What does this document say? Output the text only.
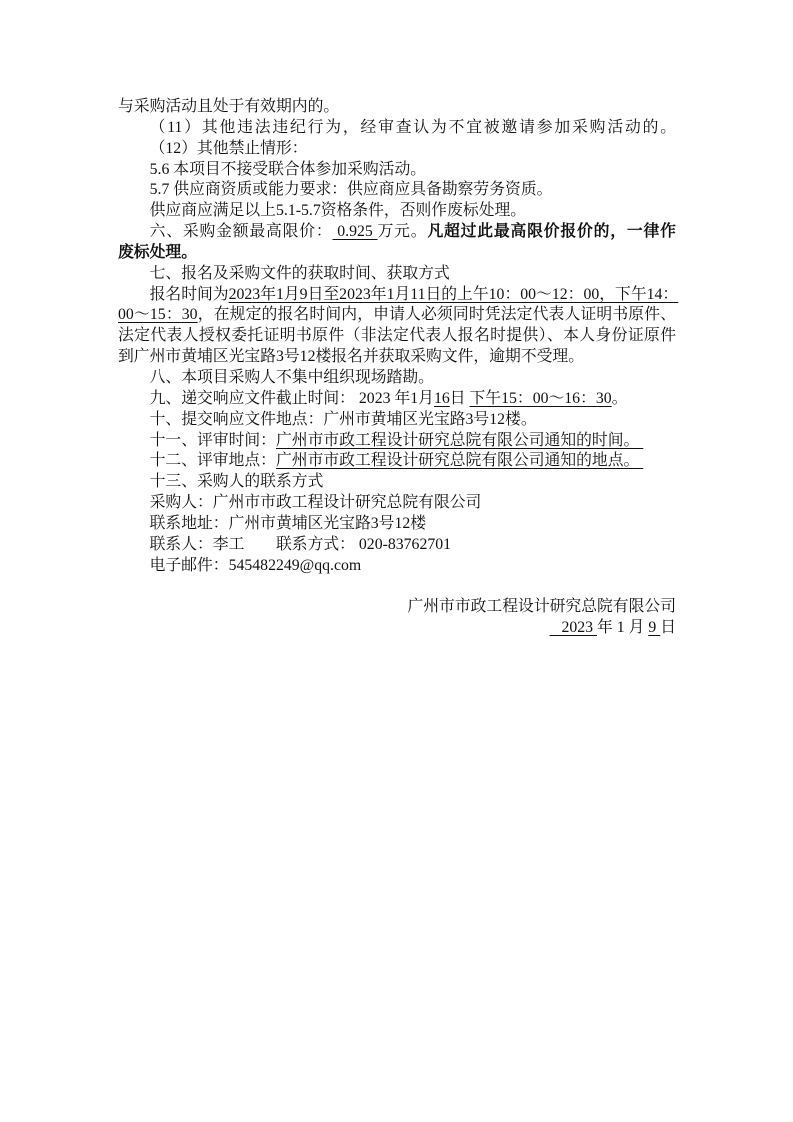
与采购活动且处于有效期内的。
（11）其他违法违纪行为，经审查认为不宜被邀请参加采购活动的。
（12）其他禁止情形：
5.6 本项目不接受联合体参加采购活动。
5.7 供应商资质或能力要求：供应商应具备勘察劳务资质。
供应商应满足以上5.1-5.7资格条件，否则作废标处理。
六、采购金额最高限价： 0.925 万元。凡超过此最高限价报价的，一律作
废标处理。
七、报名及采购文件的获取时间、获取方式
报名时间为2023年1月9日至2023年1月11日的上午10：00～12：00，下午14：
00～15：30，在规定的报名时间内，申请人必须同时凭法定代表人证明书原件、
法定代表人授权委托证明书原件（非法定代表人报名时提供）、本人身份证原件
到广州市黄埔区光宝路3号12楼报名并获取采购文件，逾期不受理。
八、本项目采购人不集中组织现场踏勘。
九、递交响应文件截止时间： 2023 年1月16日 下午15：00～16：30。
十、提交响应文件地点：广州市黄埔区光宝路3号12楼。
十一、评审时间：广州市市政工程设计研究总院有限公司通知的时间。
十二、评审地点：广州市市政工程设计研究总院有限公司通知的地点。
十三、采购人的联系方式
采购人：广州市市政工程设计研究总院有限公司
联系地址：广州市黄埔区光宝路3号12楼
联系人：李工　　联系方式： 020-83762701
电子邮件：545482249@qq.com
广州市市政工程设计研究总院有限公司
2023 年 1 月 9 日
